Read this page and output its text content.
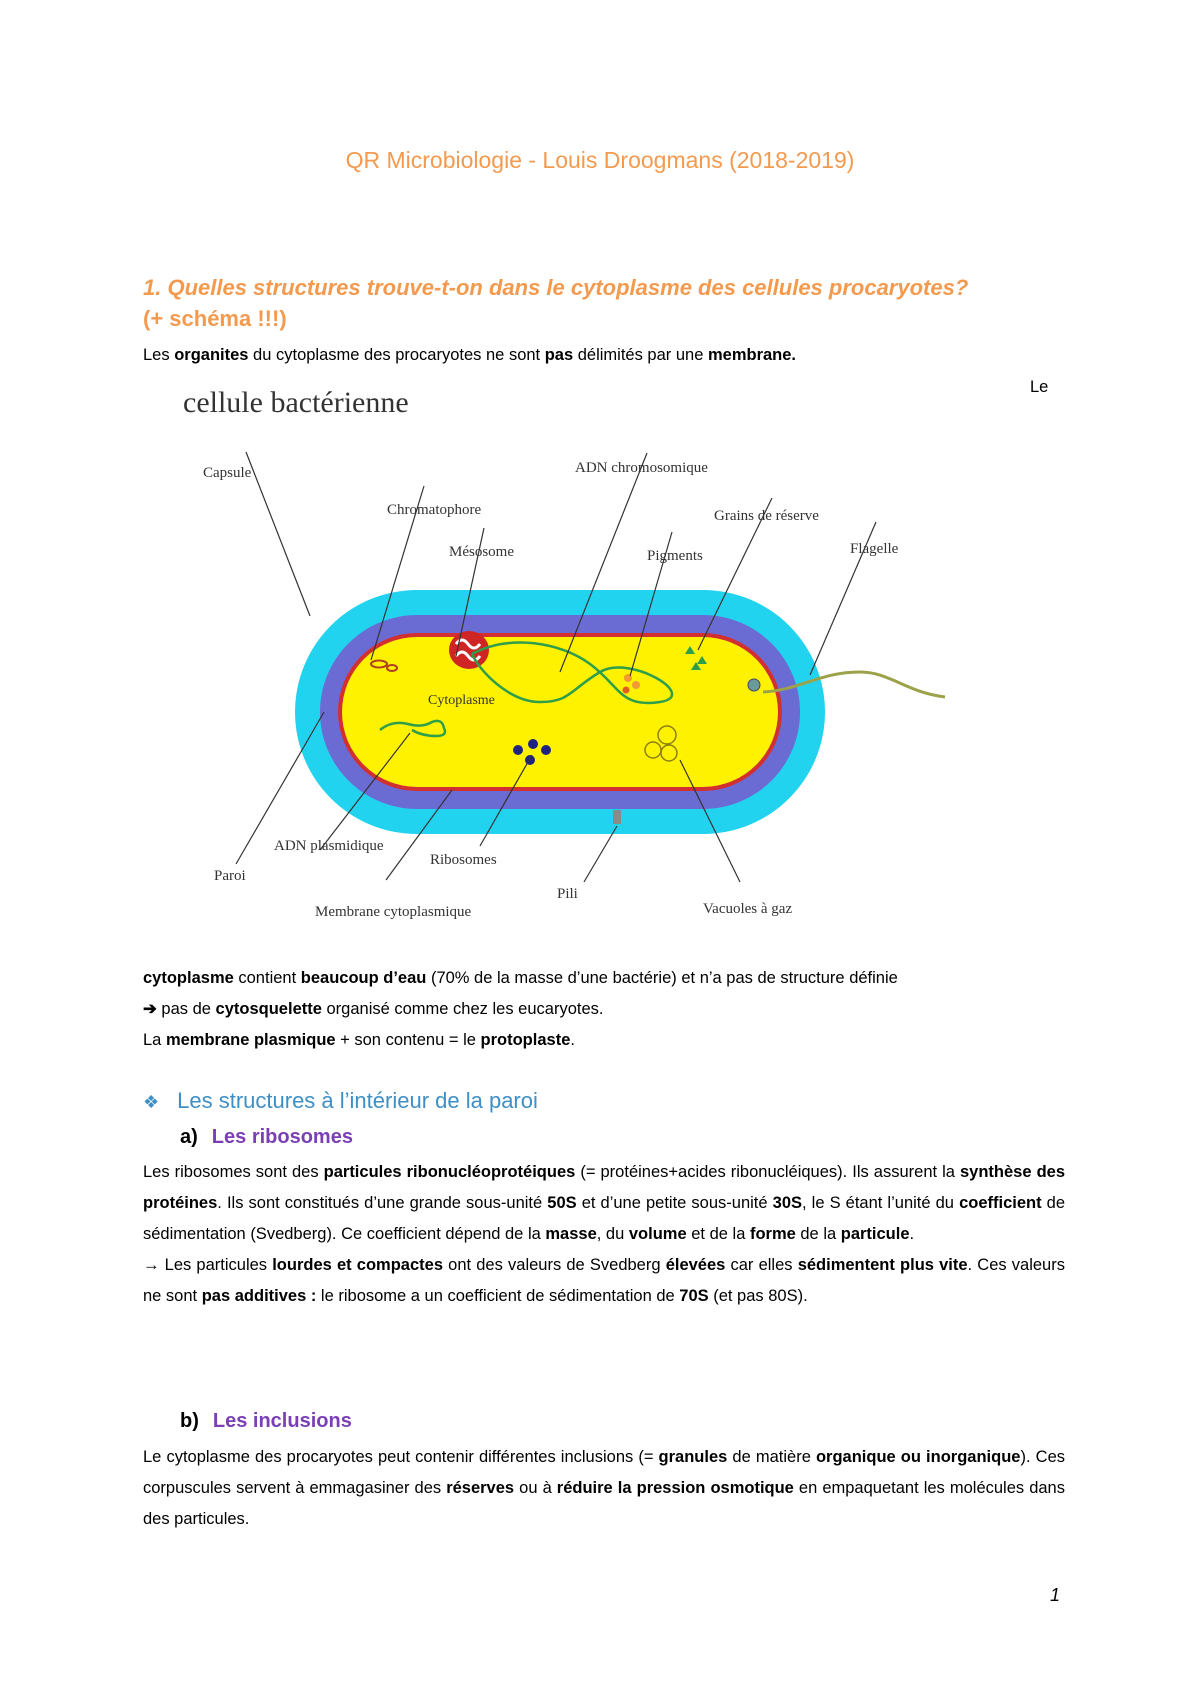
QR Microbiologie - Louis Droogmans (2018-2019)
1. Quelles structures trouve-t-on dans le cytoplasme des cellules procaryotes?
(+ schéma !!!)
Les organites du cytoplasme des procaryotes ne sont pas délimités par une membrane.
Le
cellule bactérienne
Capsule
Chromatophore
Mésosome
ADN chromosomique
Pigments
Grains de réserve
Flagelle
Cytoplasme
Paroi
ADN plasmidique
Ribosomes
Membrane cytoplasmique
Pili
Vacuoles à gaz
cytoplasme contient beaucoup d’eau (70% de la masse d’une bactérie) et n’a pas de structure définie
➔ pas de cytosquelette organisé comme chez les eucaryotes.
La membrane plasmique + son contenu = le protoplaste.
❖ Les structures à l’intérieur de la paroi
a) Les ribosomes
Les ribosomes sont des particules ribonucléoprotéiques (= protéines+acides ribonucléiques). Ils assurent la synthèse des protéines. Ils sont constitués d’une grande sous-unité 50S et d’une petite sous-unité 30S, le S étant l’unité du coefficient de sédimentation (Svedberg). Ce coefficient dépend de la masse, du volume et de la forme de la particule.
→ Les particules lourdes et compactes ont des valeurs de Svedberg élevées car elles sédimentent plus vite. Ces valeurs ne sont pas additives : le ribosome a un coefficient de sédimentation de 70S (et pas 80S).
b) Les inclusions
Le cytoplasme des procaryotes peut contenir différentes inclusions (= granules de matière organique ou inorganique). Ces corpuscules servent à emmagasiner des réserves ou à réduire la pression osmotique en empaquetant les molécules dans des particules.
1
